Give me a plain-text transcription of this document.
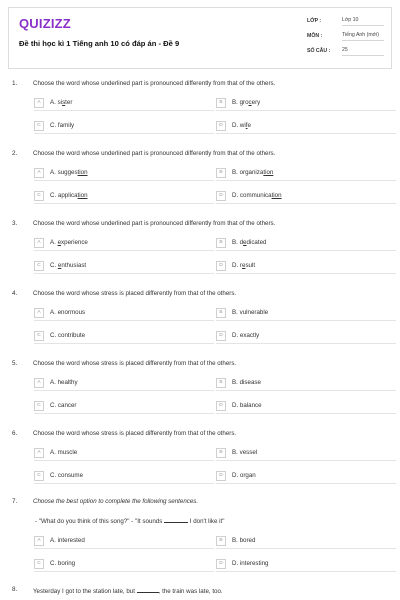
QUIZIZZ
Đề thi học kì 1 Tiếng anh 10 có đáp án - Đề 9
LỚP :	Lớp 10
MÔN :	Tiếng Anh (mới)
SỐ CÂU : 25
1.	Choose the word whose underlined part is pronounced differently from that of the others.
A	A. sister	B	B. grocery
C	C. family	D	D. wife
2.	Choose the word whose underlined part is pronounced differently from that of the others.
A	A. suggestion	B	B. organization
C	C. application	D	D. communication
3.	Choose the word whose underlined part is pronounced differently from that of the others.
A	A. experience	B	B. dedicated
C	C. enthusiast	D	D. result
4.	Choose the word whose stress is placed differently from that of the others.
A	A. enormous	B	B. vulnerable
C	C. contribute	D	D. exactly
5.	Choose the word whose stress is placed differently from that of the others.
A	A. healthy	B	B. disease
C	C. cancer	D	D. balance
6.	Choose the word whose stress is placed differently from that of the others.
A	A. muscle	B	B. vessel
C	C. consume	D	D. organ
7.	Choose the best option to complete the following sentences.
- "What do you think of this song?" - "It sounds	I don't like it"
A	A. interested	B	B. bored
C	C. boring	D	D. interesting
8.	Yesterday I got to the station late, but	, the train was late, too.
